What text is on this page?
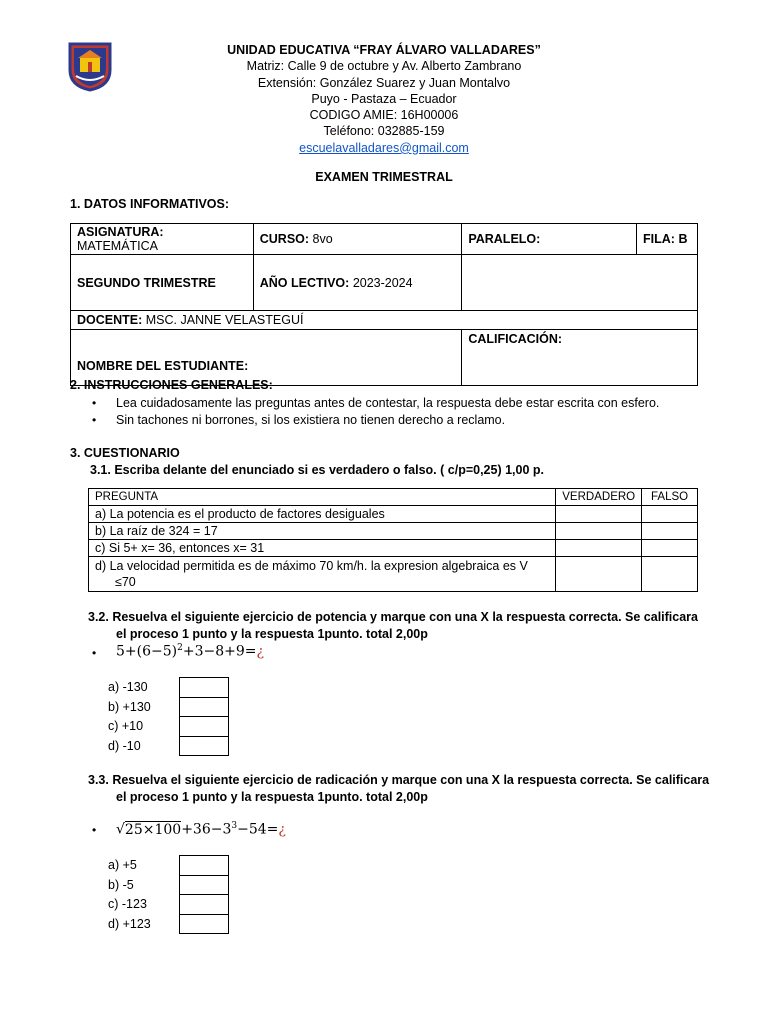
UNIDAD EDUCATIVA “FRAY ÁLVARO VALLADARES”
Matriz: Calle 9 de octubre y Av. Alberto Zambrano
Extensión: González Suarez y Juan Montalvo
Puyo - Pastaza – Ecuador
CODIGO AMIE: 16H00006
Teléfono: 032885-159
escuelavalladares@gmail.com
EXAMEN TRIMESTRAL
1. DATOS INFORMATIVOS:
ASIGNATURA: MATEMÁTICA	CURSO: 8vo	PARALELO:	FILA: B
SEGUNDO TRIMESTRE	AÑO LECTIVO: 2023-2024		
DOCENTE: MSC. JANNE VELASTEGUÍ			
NOMBRE DEL ESTUDIANTE:		CALIFICACIÓN:	
2. INSTRUCCIONES GENERALES:
• Lea cuidadosamente las preguntas antes de contestar, la respuesta debe estar escrita con esfero.
• Sin tachones ni borrones, si los existiera no tienen derecho a reclamo.
3. CUESTIONARIO
3.1. Escriba delante del enunciado si es verdadero o falso. ( c/p=0,25) 1,00 p.
PREGUNTA	VERDADERO	FALSO
a) La potencia es el producto de factores desiguales		
b) La raíz de 324 = 17		
c) Si 5+ x= 36, entonces x= 31		

d) La velocidad permitida es de máximo 70 km/h. la expresion algebraica es V
≤70		

3.2. Resuelva el siguiente ejercicio de potencia y marque con una X la respuesta correcta. Se calificara
el proceso 1 punto y la respuesta 1punto. total 2,00p
• $5+(6-5)^2+3-8+9=¿$
a) -130
b) +130
c) +10
d) -10
3.3. Resuelva el siguiente ejercicio de radicación y marque con una X la respuesta correcta. Se calificara
el proceso 1 punto y la respuesta 1punto. total 2,00p
• $√25\times 100+36-3^3-54=¿$
a) +5
b) -5
c) -123
d) +123
